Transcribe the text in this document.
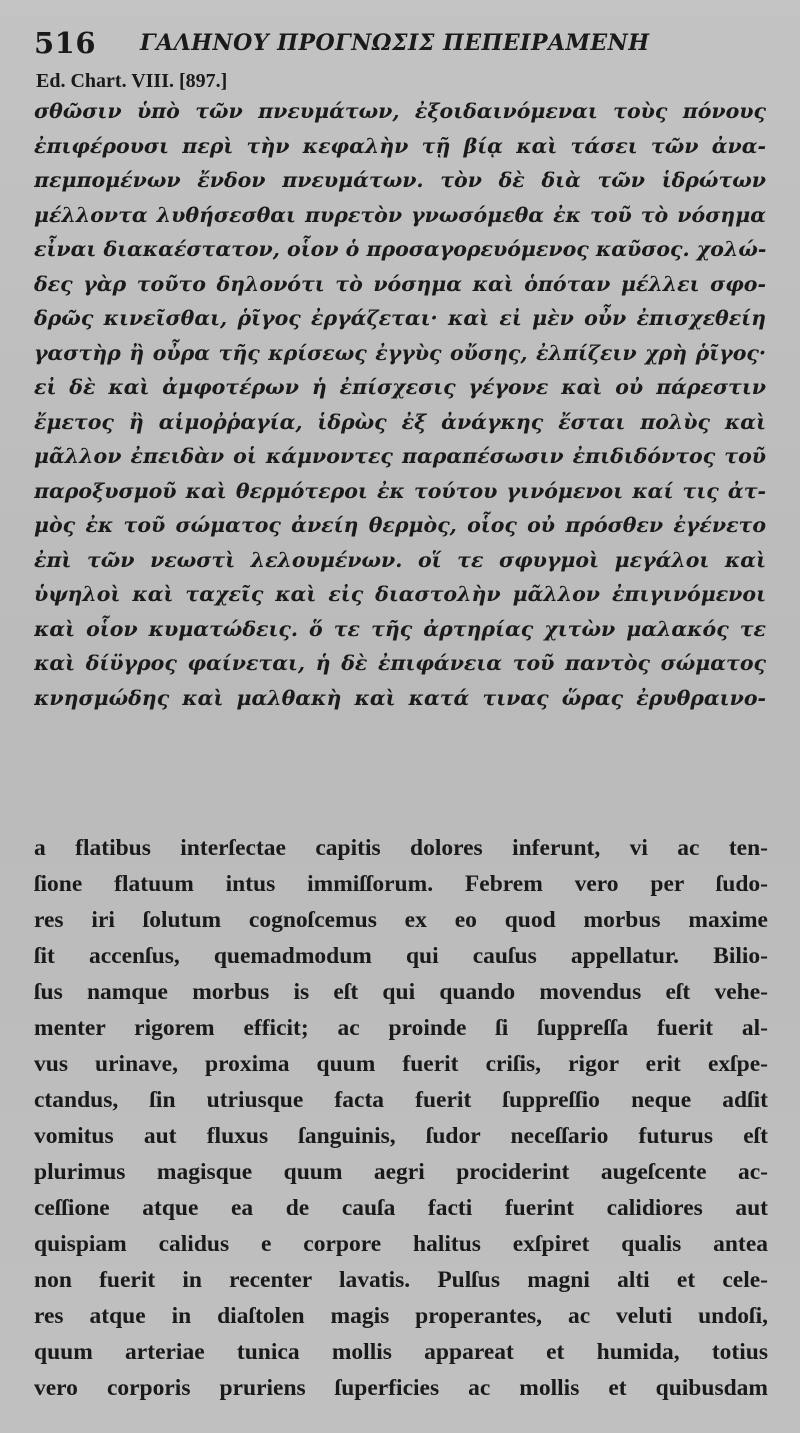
516 ΓΑΛΗΝΟΥ ΠΡΟΓΝΩΣΙΣ ΠΕΠΕΙΡΑΜΕΝΗ
Ed. Chart. VIII. [897.]
σθῶσιν ὑπὸ τῶν πνευμάτων, ἐξοιδαινόμεναι τοὺς πόνους
ἐπιφέρουσι περὶ τὴν κεφαλὴν τῇ βίᾳ καὶ τάσει τῶν ἀνα-
πεμπομένων ἔνδον πνευμάτων. τὸν δὲ διὰ τῶν ἱδρώτων
μέλλοντα λυθήσεσθαι πυρετὸν γνωσόμεθα ἐκ τοῦ τὸ νόσημα
εἶναι διακαέστατον, οἷον ὁ προσαγορευόμενος καῦσος. χολώ-
δες γὰρ τοῦτο δηλονότι τὸ νόσημα καὶ ὁπόταν μέλλει σφο-
δρῶς κινεῖσθαι, ῥῖγος ἐργάζεται· καὶ εἰ μὲν οὖν ἐπισχεθείη
γαστὴρ ἢ οὖρα τῆς κρίσεως ἐγγὺς οὔσης, ἐλπίζειν χρὴ ῥῖγος·
εἰ δὲ καὶ ἀμφοτέρων ἡ ἐπίσχεσις γέγονε καὶ οὐ πάρεστιν
ἔμετος ἢ αἱμοῤῥαγία, ἱδρὼς ἐξ ἀνάγκης ἔσται πολὺς καὶ
μᾶλλον ἐπειδὰν οἱ κάμνοντες παραπέσωσιν ἐπιδιδόντος τοῦ
παροξυσμοῦ καὶ θερμότεροι ἐκ τούτου γινόμενοι καί τις ἀτ-
μὸς ἐκ τοῦ σώματος ἀνείη θερμὸς, οἷος οὐ πρόσθεν ἐγένετο
ἐπὶ τῶν νεωστὶ λελουμένων. οἵ τε σφυγμοὶ μεγάλοι καὶ
ὑψηλοὶ καὶ ταχεῖς καὶ εἰς διαστολὴν μᾶλλον ἐπιγινόμενοι
καὶ οἷον κυματώδεις. ὅ τε τῆς ἀρτηρίας χιτὼν μαλακός τε
καὶ δίϋγρος φαίνεται, ἡ δὲ ἐπιφάνεια τοῦ παντὸς σώματος
κνησμώδης καὶ μαλθακὴ καὶ κατά τινας ὥρας ἐρυθραινο-
a flatibus interſectae capitis dolores inferunt, vi ac ten-
ſione flatuum intus immiſſorum. Febrem vero per ſudo-
res iri ſolutum cognoſcemus ex eo quod morbus maxime
ſit accenſus, quemadmodum qui cauſus appellatur. Bilio-
ſus namque morbus is eſt qui quando movendus eſt vehe-
menter rigorem efficit; ac proinde ſi ſuppreſſa fuerit al-
vus urinave, proxima quum fuerit criſis, rigor erit exſpe-
ctandus, ſin utriusque facta fuerit ſuppreſſio neque adſit
vomitus aut fluxus ſanguinis, ſudor neceſſario futurus eſt
plurimus magisque quum aegri prociderint augeſcente ac-
ceſſione atque ea de cauſa facti fuerint calidiores aut
quispiam calidus e corpore halitus exſpiret qualis antea
non fuerit in recenter lavatis. Pulſus magni alti et cele-
res atque in diaſtolen magis properantes, ac veluti undoſi,
quum arteriae tunica mollis appareat et humida, totius
vero corporis pruriens ſuperficies ac mollis et quibusdam
